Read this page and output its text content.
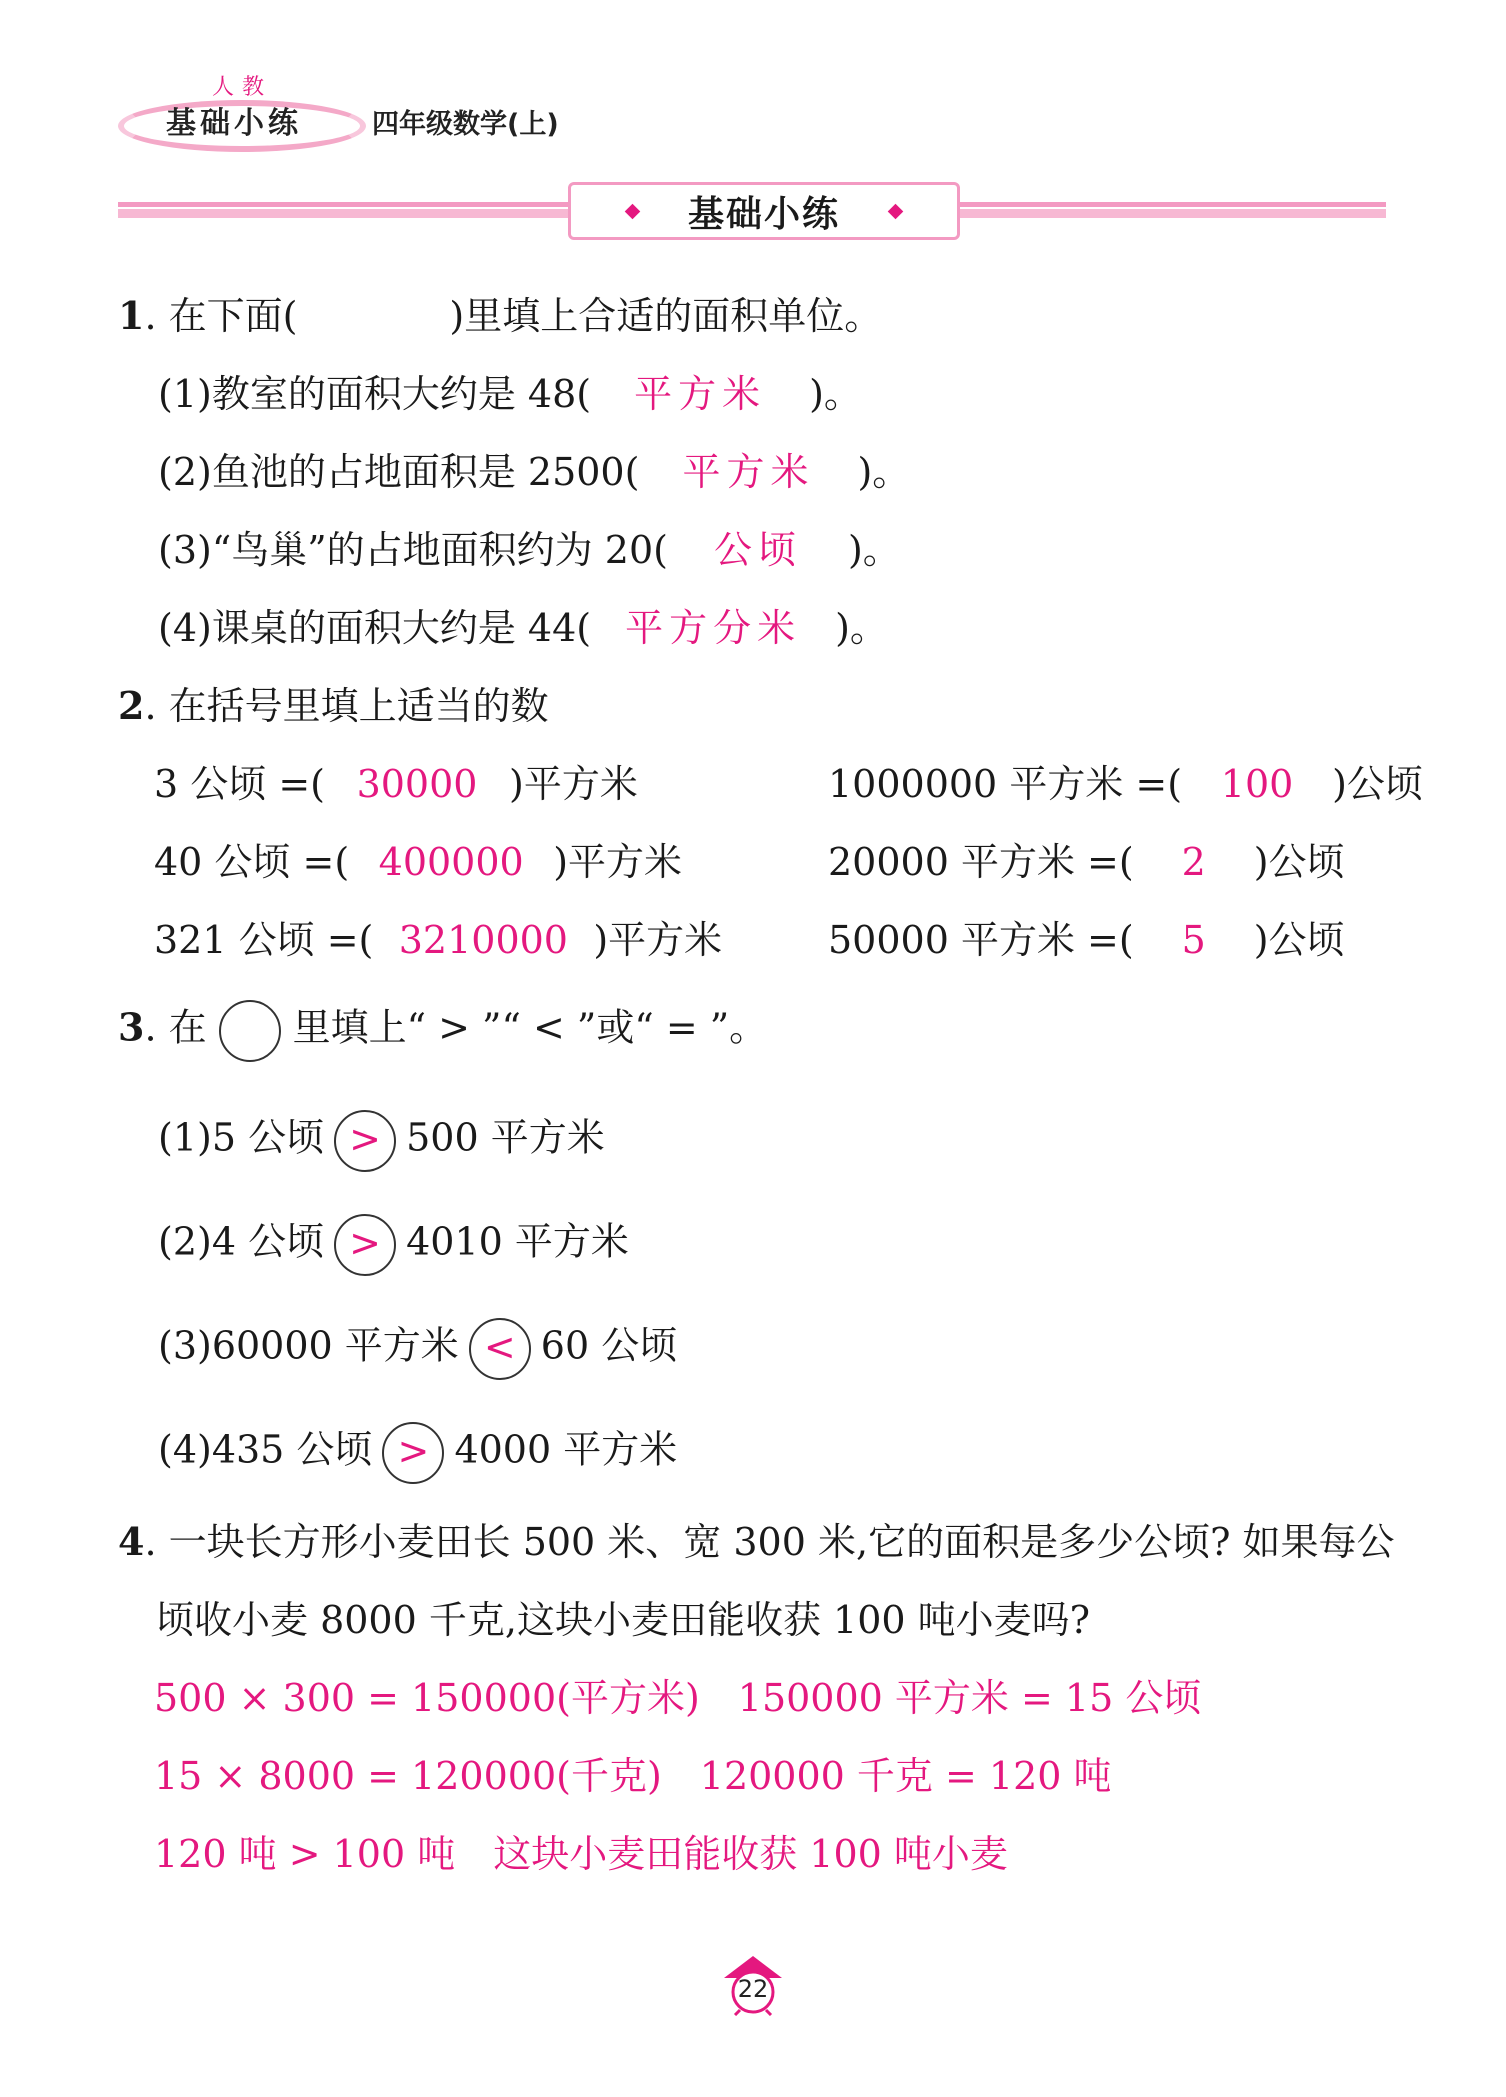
人教
基础小练	四年级数学(上)
基础小练
1. 在下面(　　　　)里填上合适的面积单位。
(1)教室的面积大约是 48( 平方米 )。
(2)鱼池的占地面积是 2500( 平方米 )。
(3)“鸟巢”的占地面积约为 20( 公顷 )。
(4)课桌的面积大约是 44( 平方分米 )。
2. 在括号里填上适当的数
3 公顷 =( 30000 )平方米
40 公顷 =( 400000 )平方米
321 公顷 =( 3210000 )平方米
1000000 平方米 =( 100 )公顷
20000 平方米 =( 2 )公顷
50000 平方米 =( 5 )公顷
3. 在 里填上“ > ”“ < ”或“ = ”。
(1)5 公顷 > 500 平方米
(2)4 公顷 > 4010 平方米
(3)60000 平方米 < 60 公顷
(4)435 公顷 > 4000 平方米
4. 一块长方形小麦田长 500 米、宽 300 米,它的面积是多少公顷? 如果每公
顷收小麦 8000 千克,这块小麦田能收获 100 吨小麦吗?
500 × 300 = 150000(平方米)　150000 平方米 = 15 公顷
15 × 8000 = 120000(千克)　120000 千克 = 120 吨
120 吨 > 100 吨　这块小麦田能收获 100 吨小麦
22
